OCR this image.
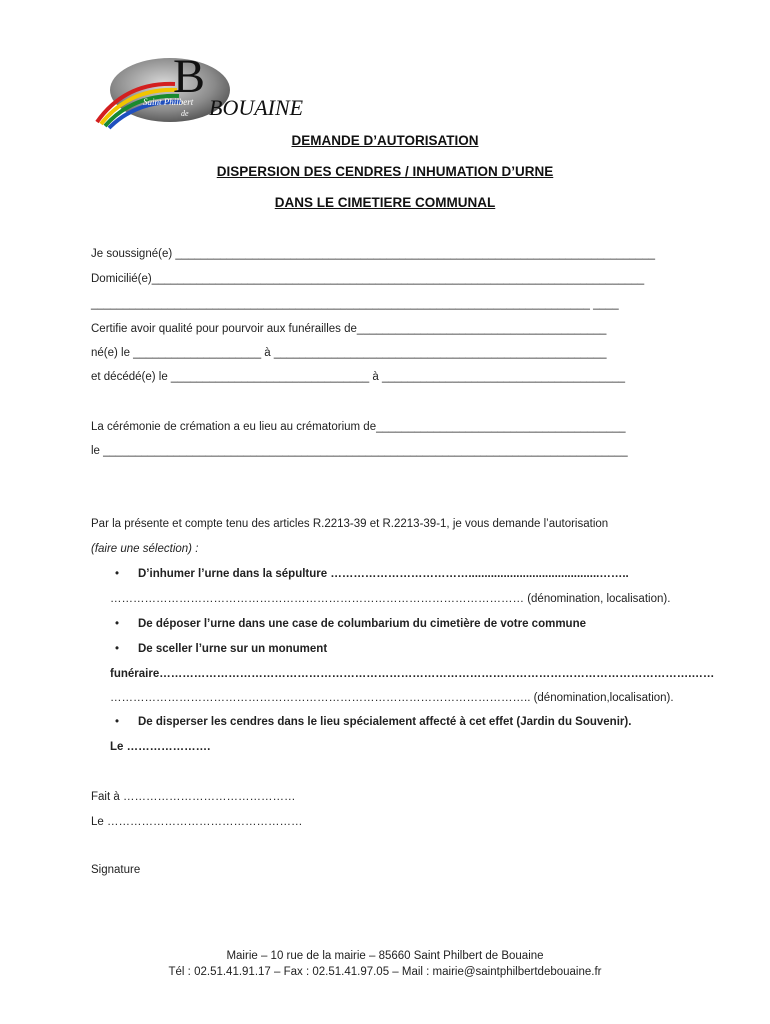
B
Saint Philbert
de BOUAINE
DEMANDE D’AUTORISATION
DISPERSION DES CENDRES / INHUMATION D’URNE
DANS LE CIMETIERE COMMUNAL
Je soussigné(e) ___________________________________________________________________________
Domicilié(e)_____________________________________________________________________________
______________________________________________________________________________ ____
Certifie avoir qualité pour pourvoir aux funérailles de_______________________________________
né(e) le ____________________ à ____________________________________________________
et décédé(e) le _______________________________ à ______________________________________
La cérémonie de crémation a eu lieu au crématorium de_______________________________________
le __________________________________________________________________________________
Par la présente et compte tenu des articles R.2213-39 et R.2213-39-1, je vous demande l’autorisation
(faire une sélection) :
• D’inhumer l’urne dans la sépulture ……………………………….........................................……..
……………………………………………………………………………………………… (dénomination, localisation).
• De déposer l’urne dans une case de columbarium du cimetière de votre commune
• De sceller l’urne sur un monument
funéraire………………………………………………………………………………………………………………………….……
……………………………………………………………………………………………….. (dénomination,localisation).
• De disperser les cendres dans le lieu spécialement affecté à cet effet (Jardin du Souvenir).
Le ………………….
Fait à ………………………………………
Le ……………………………………………
Signature
Mairie – 10 rue de la mairie – 85660 Saint Philbert de Bouaine
Tél : 02.51.41.91.17 – Fax : 02.51.41.97.05 – Mail : mairie@saintphilbertdebouaine.fr
